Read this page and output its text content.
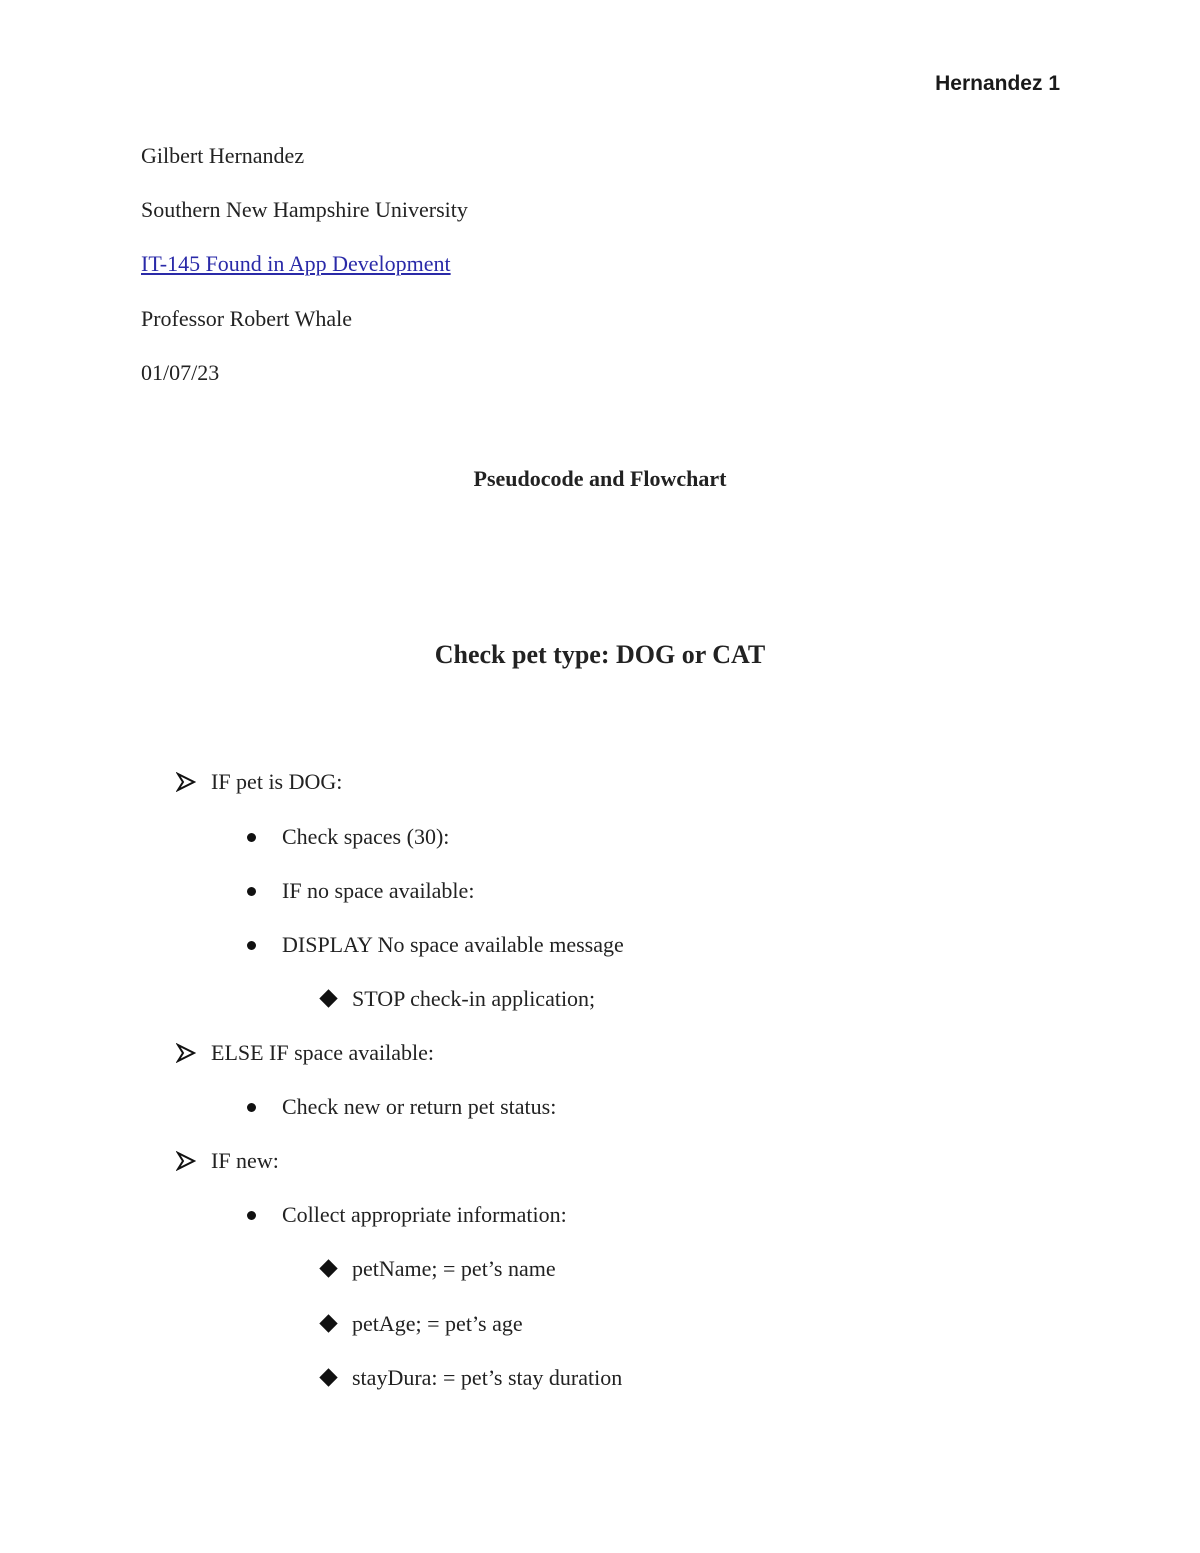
Hernandez 1
Gilbert Hernandez
Southern New Hampshire University
IT-145 Found in App Development
Professor Robert Whale
01/07/23
Pseudocode and Flowchart
Check pet type: DOG or CAT
IF pet is DOG:
Check spaces (30):
IF no space available:
DISPLAY No space available message
STOP check-in application;
ELSE IF space available:
Check new or return pet status:
IF new:
Collect appropriate information:
petName; = pet’s name
petAge; = pet’s age
stayDura: = pet’s stay duration
